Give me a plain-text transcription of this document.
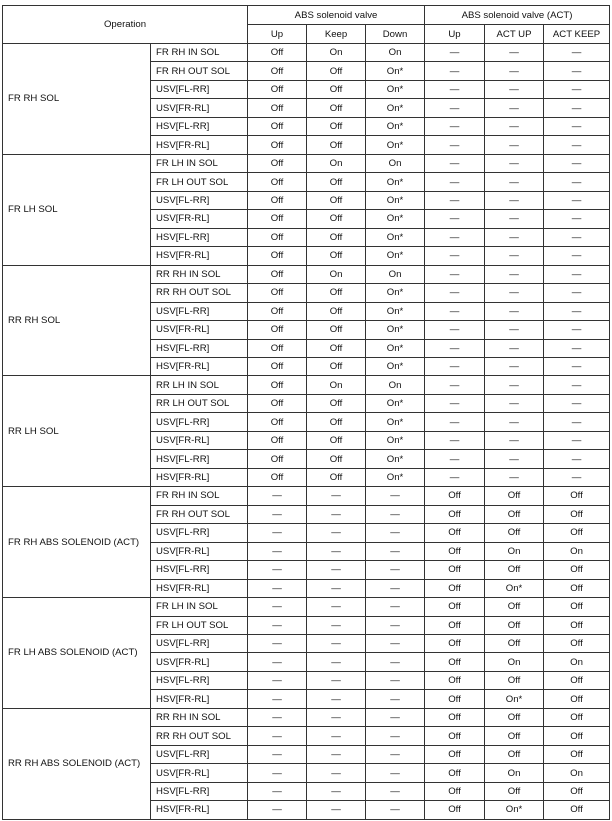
Operation		ABS solenoid valve			ABS solenoid valve (ACT)		
		Up	Keep	Down	Up	ACT UP	ACT KEEP
FR RH SOL	FR RH IN SOL	Off	On	On	—	—	—
	FR RH OUT SOL	Off	Off	On*	—	—	—
	USV[FL-RR]	Off	Off	On*	—	—	—
	USV[FR-RL]	Off	Off	On*	—	—	—
	HSV[FL-RR]	Off	Off	On*	—	—	—
	HSV[FR-RL]	Off	Off	On*	—	—	—
FR LH SOL	FR LH IN SOL	Off	On	On	—	—	—
	FR LH OUT SOL	Off	Off	On*	—	—	—
	USV[FL-RR]	Off	Off	On*	—	—	—
	USV[FR-RL]	Off	Off	On*	—	—	—
	HSV[FL-RR]	Off	Off	On*	—	—	—
	HSV[FR-RL]	Off	Off	On*	—	—	—
RR RH SOL	RR RH IN SOL	Off	On	On	—	—	—
	RR RH OUT SOL	Off	Off	On*	—	—	—
	USV[FL-RR]	Off	Off	On*	—	—	—
	USV[FR-RL]	Off	Off	On*	—	—	—
	HSV[FL-RR]	Off	Off	On*	—	—	—
	HSV[FR-RL]	Off	Off	On*	—	—	—
RR LH SOL	RR LH IN SOL	Off	On	On	—	—	—
	RR LH OUT SOL	Off	Off	On*	—	—	—
	USV[FL-RR]	Off	Off	On*	—	—	—
	USV[FR-RL]	Off	Off	On*	—	—	—
	HSV[FL-RR]	Off	Off	On*	—	—	—
	HSV[FR-RL]	Off	Off	On*	—	—	—
FR RH ABS SOLENOID (ACT)	FR RH IN SOL	—	—	—	Off	Off	Off
	FR RH OUT SOL	—	—	—	Off	Off	Off
	USV[FL-RR]	—	—	—	Off	Off	Off
	USV[FR-RL]	—	—	—	Off	On	On
	HSV[FL-RR]	—	—	—	Off	Off	Off
	HSV[FR-RL]	—	—	—	Off	On*	Off
FR LH ABS SOLENOID (ACT)	FR LH IN SOL	—	—	—	Off	Off	Off
	FR LH OUT SOL	—	—	—	Off	Off	Off
	USV[FL-RR]	—	—	—	Off	Off	Off
	USV[FR-RL]	—	—	—	Off	On	On
	HSV[FL-RR]	—	—	—	Off	Off	Off
	HSV[FR-RL]	—	—	—	Off	On*	Off
RR RH ABS SOLENOID (ACT)	RR RH IN SOL	—	—	—	Off	Off	Off
	RR RH OUT SOL	—	—	—	Off	Off	Off
	USV[FL-RR]	—	—	—	Off	Off	Off
	USV[FR-RL]	—	—	—	Off	On	On
	HSV[FL-RR]	—	—	—	Off	Off	Off
	HSV[FR-RL]	—	—	—	Off	On*	Off
